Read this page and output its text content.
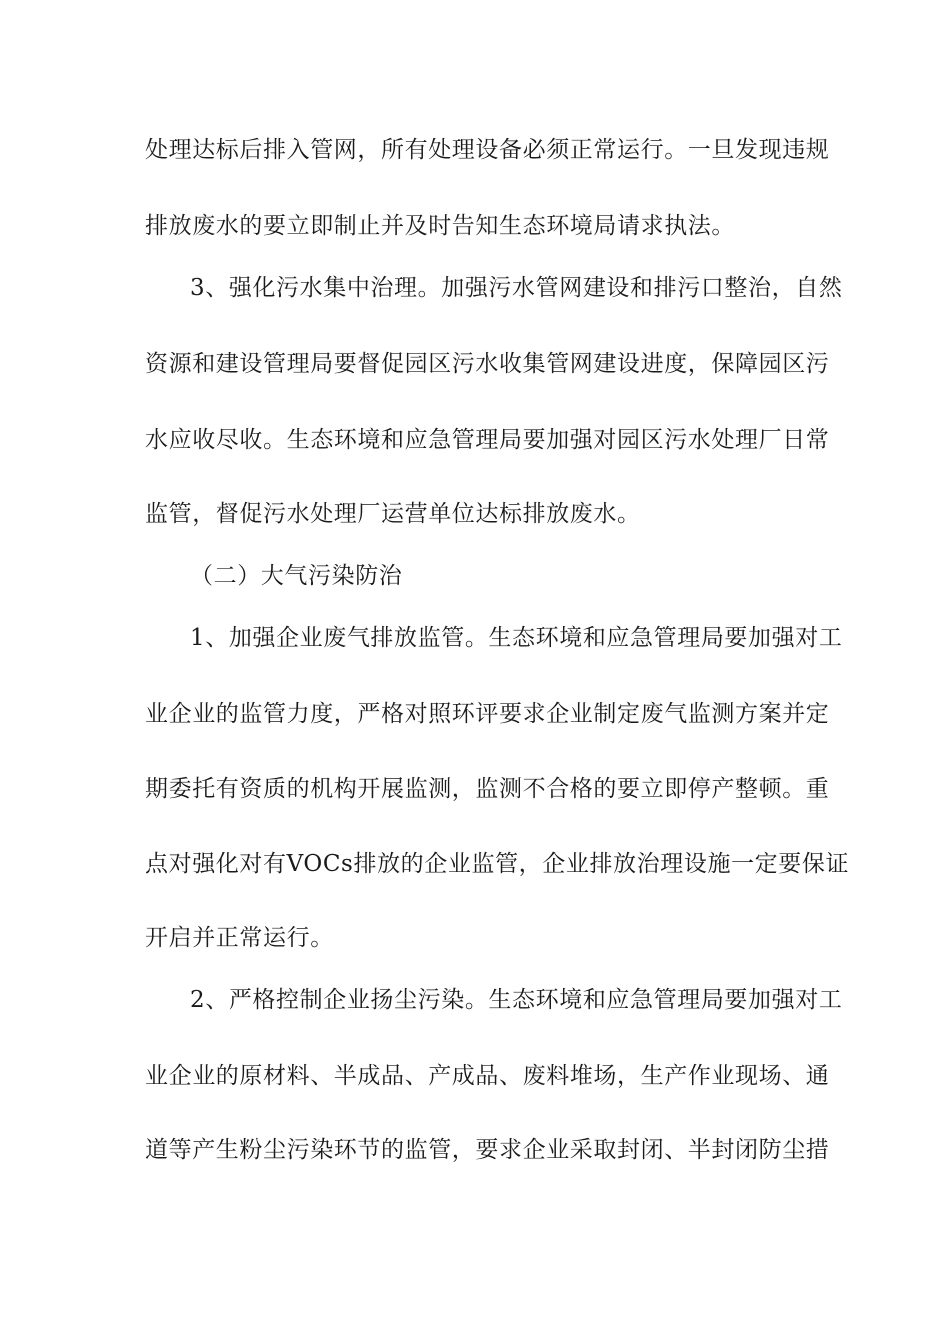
处理达标后排入管网，所有处理设备必须正常运行。一旦发现违规
排放废水的要立即制止并及时告知生态环境局请求执法。
3、强化污水集中治理。加强污水管网建设和排污口整治，自然
资源和建设管理局要督促园区污水收集管网建设进度，保障园区污
水应收尽收。生态环境和应急管理局要加强对园区污水处理厂日常
监管，督促污水处理厂运营单位达标排放废水。
（二）大气污染防治
1、加强企业废气排放监管。生态环境和应急管理局要加强对工
业企业的监管力度，严格对照环评要求企业制定废气监测方案并定
期委托有资质的机构开展监测，监测不合格的要立即停产整顿。重
点对强化对有VOCs排放的企业监管，企业排放治理设施一定要保证
开启并正常运行。
2、严格控制企业扬尘污染。生态环境和应急管理局要加强对工
业企业的原材料、半成品、产成品、废料堆场，生产作业现场、通
道等产生粉尘污染环节的监管，要求企业采取封闭、半封闭防尘措
